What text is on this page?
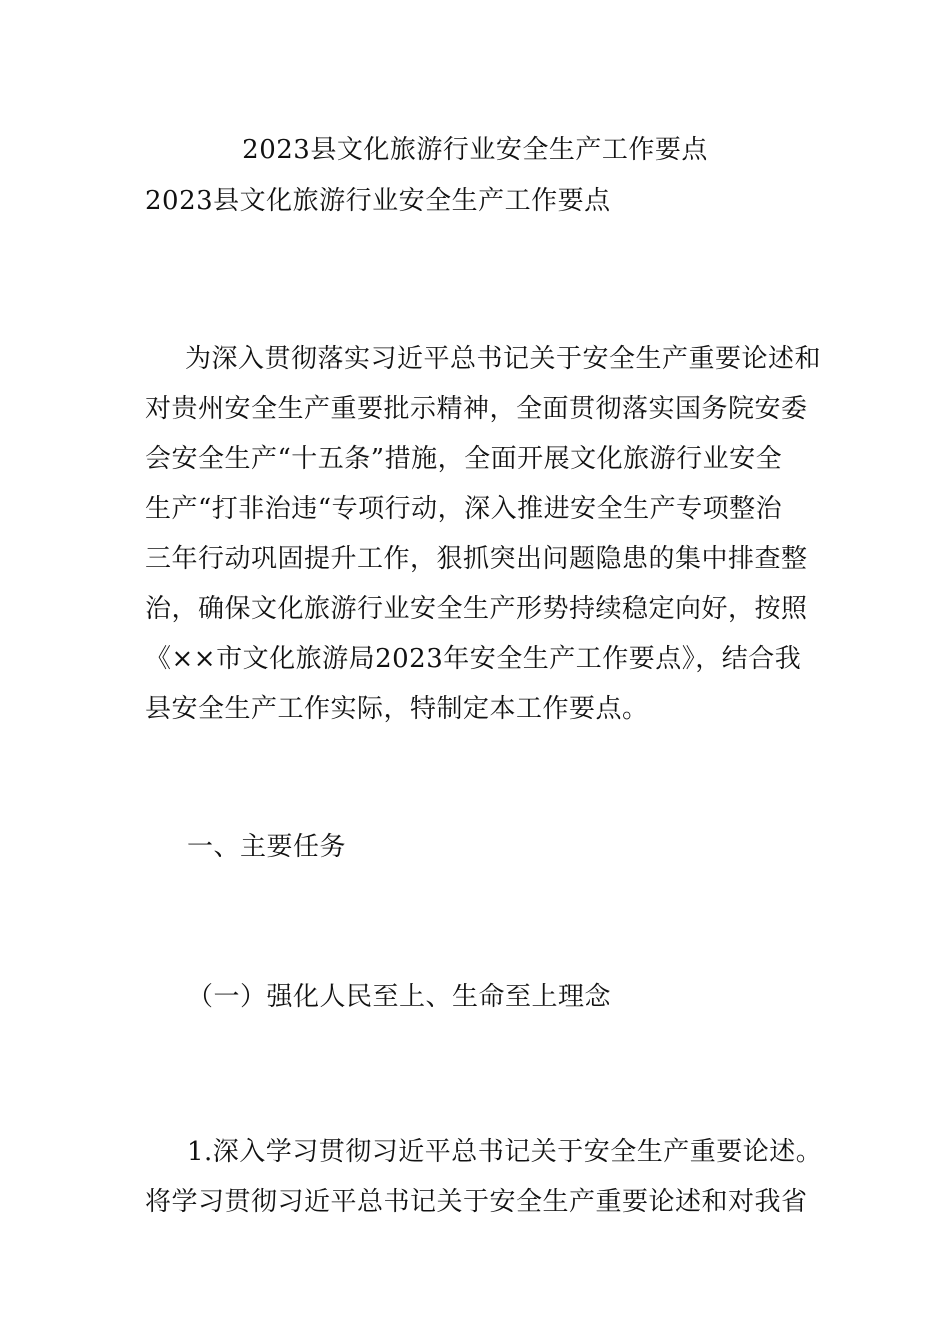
2023县文化旅游行业安全生产工作要点
2023县文化旅游行业安全生产工作要点
为深入贯彻落实习近平总书记关于安全生产重要论述和
对贵州安全生产重要批示精神，全面贯彻落实国务院安委
会安全生产“十五条”措施，全面开展文化旅游行业安全
生产“打非治违“专项行动，深入推进安全生产专项整治
三年行动巩固提升工作，狠抓突出问题隐患的集中排查整
治，确保文化旅游行业安全生产形势持续稳定向好，按照
《××市文化旅游局2023年安全生产工作要点》，结合我
县安全生产工作实际，特制定本工作要点。
一、主要任务
（一）强化人民至上、生命至上理念
1.深入学习贯彻习近平总书记关于安全生产重要论述。
将学习贯彻习近平总书记关于安全生产重要论述和对我省
